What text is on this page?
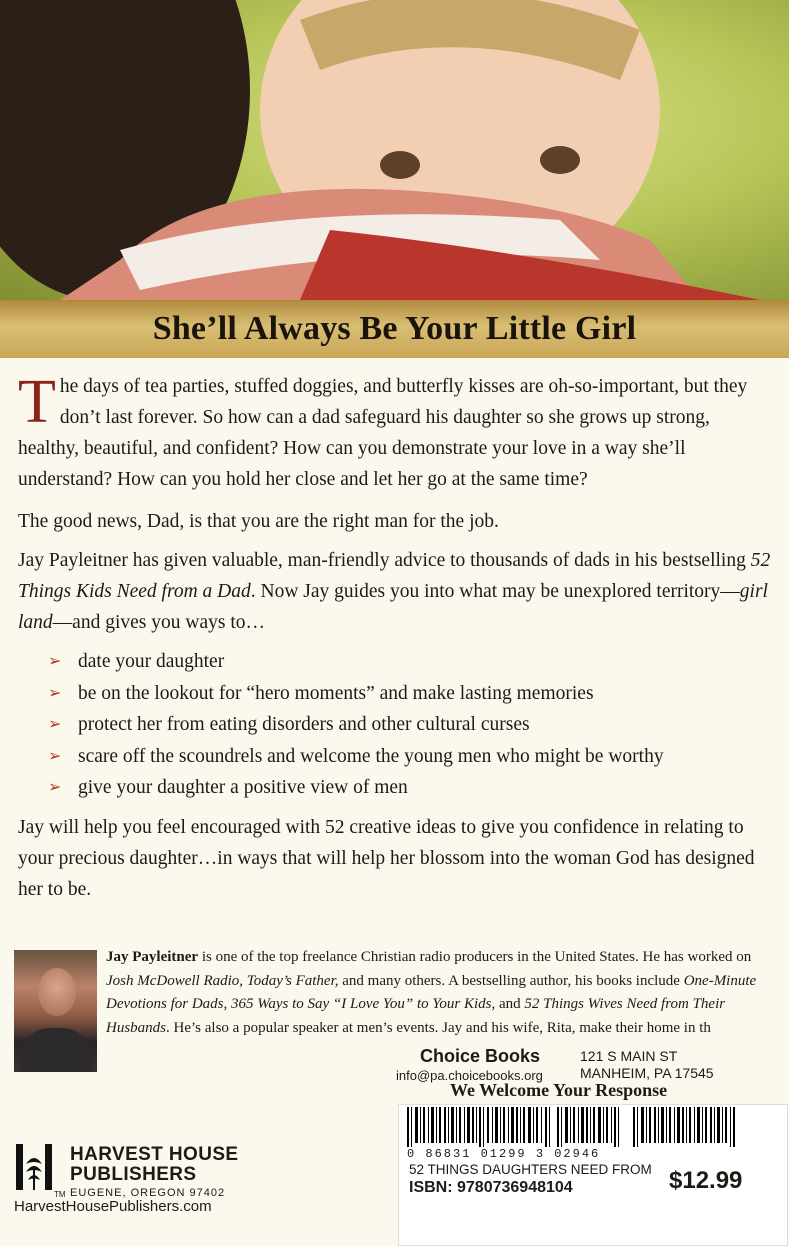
She’ll Always Be Your Little Girl
The days of tea parties, stuffed doggies, and butterfly kisses are oh-so-important, but they don’t last forever. So how can a dad safeguard his daughter so she grows up strong, healthy, beautiful, and confident? How can you demonstrate your love in a way she’ll understand? How can you hold her close and let her go at the same time?
The good news, Dad, is that you are the right man for the job.
Jay Payleitner has given valuable, man-friendly advice to thousands of dads in his bestselling 52 Things Kids Need from a Dad. Now Jay guides you into what may be unexplored territory—girl land—and gives you ways to…
➢ date your daughter
➢ be on the lookout for “hero moments” and make lasting memories
➢ protect her from eating disorders and other cultural curses
➢ scare off the scoundrels and welcome the young men who might be worthy
➢ give your daughter a positive view of men
Jay will help you feel encouraged with 52 creative ideas to give you confidence in relating to your precious daughter…in ways that will help her blossom into the woman God has designed her to be.
Jay Payleitner is one of the top freelance Christian radio producers in the United States. He has worked on Josh McDowell Radio, Today’s Father, and many others. A bestselling author, his books include One-Minute Devotions for Dads, 365 Ways to Say “I Love You” to Your Kids, and 52 Things Wives Need from Their Husbands. He’s also a popular speaker at men’s events. Jay and his wife, Rita, make their home in th
Choice Books
info@pa.choicebooks.org
121 S MAIN ST
MANHEIM, PA 17545
We Welcome Your Response
0 86831 01299 3 02946
52 THINGS DAUGHTERS NEED FROM
ISBN: 9780736948104	$12.99
HARVEST HOUSE
PUBLISHERS
TM EUGENE, OREGON 97402
HarvestHousePublishers.com
